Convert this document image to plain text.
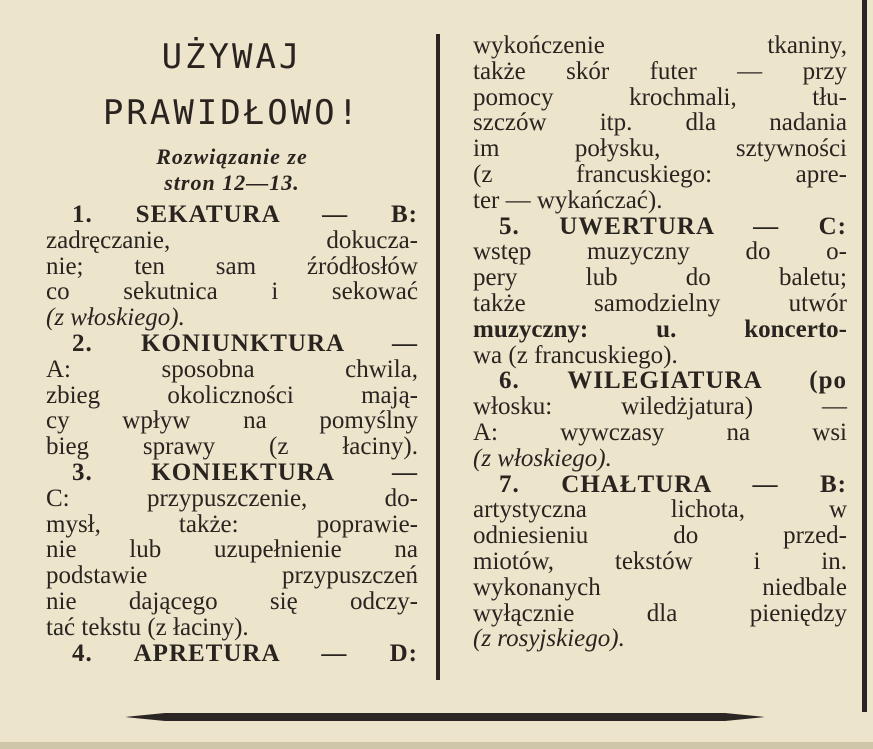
UŻYWAJ
PRAWIDŁOWO!
Rozwiązanie ze
stron 12—13.
1. SEKATURA — B:
zadręczanie, dokucza-
nie; ten sam źródłosłów
co sekutnica i sekować
(z włoskiego).
2. KONIUNKTURA —
A: sposobna chwila,
zbieg okoliczności mają-
cy wpływ na pomyślny
bieg sprawy (z łaciny).
3. KONIEKTURA —
C: przypuszczenie, do-
mysł, także: poprawie-
nie lub uzupełnienie na
podstawie przypuszczeń
nie dającego się odczy-
tać tekstu (z łaciny).
4. APRETURA — D:
wykończenie tkaniny,
także skór futer — przy
pomocy krochmali, tłu-
szczów itp. dla nadania
im połysku, sztywności
(z francuskiego: apre-
ter — wykańczać).
5. UWERTURA — C:
wstęp muzyczny do o-
pery lub do baletu;
także samodzielny utwór
muzyczny: u. koncerto-
wa (z francuskiego).
6. WILEGIATURA (po
włosku: wiledżjatura) —
A: wywczasy na wsi
(z włoskiego).
7. CHAŁTURA — B:
artystyczna lichota, w
odniesieniu do przed-
miotów, tekstów i in.
wykonanych niedbale
wyłącznie dla pieniędzy
(z rosyjskiego).
